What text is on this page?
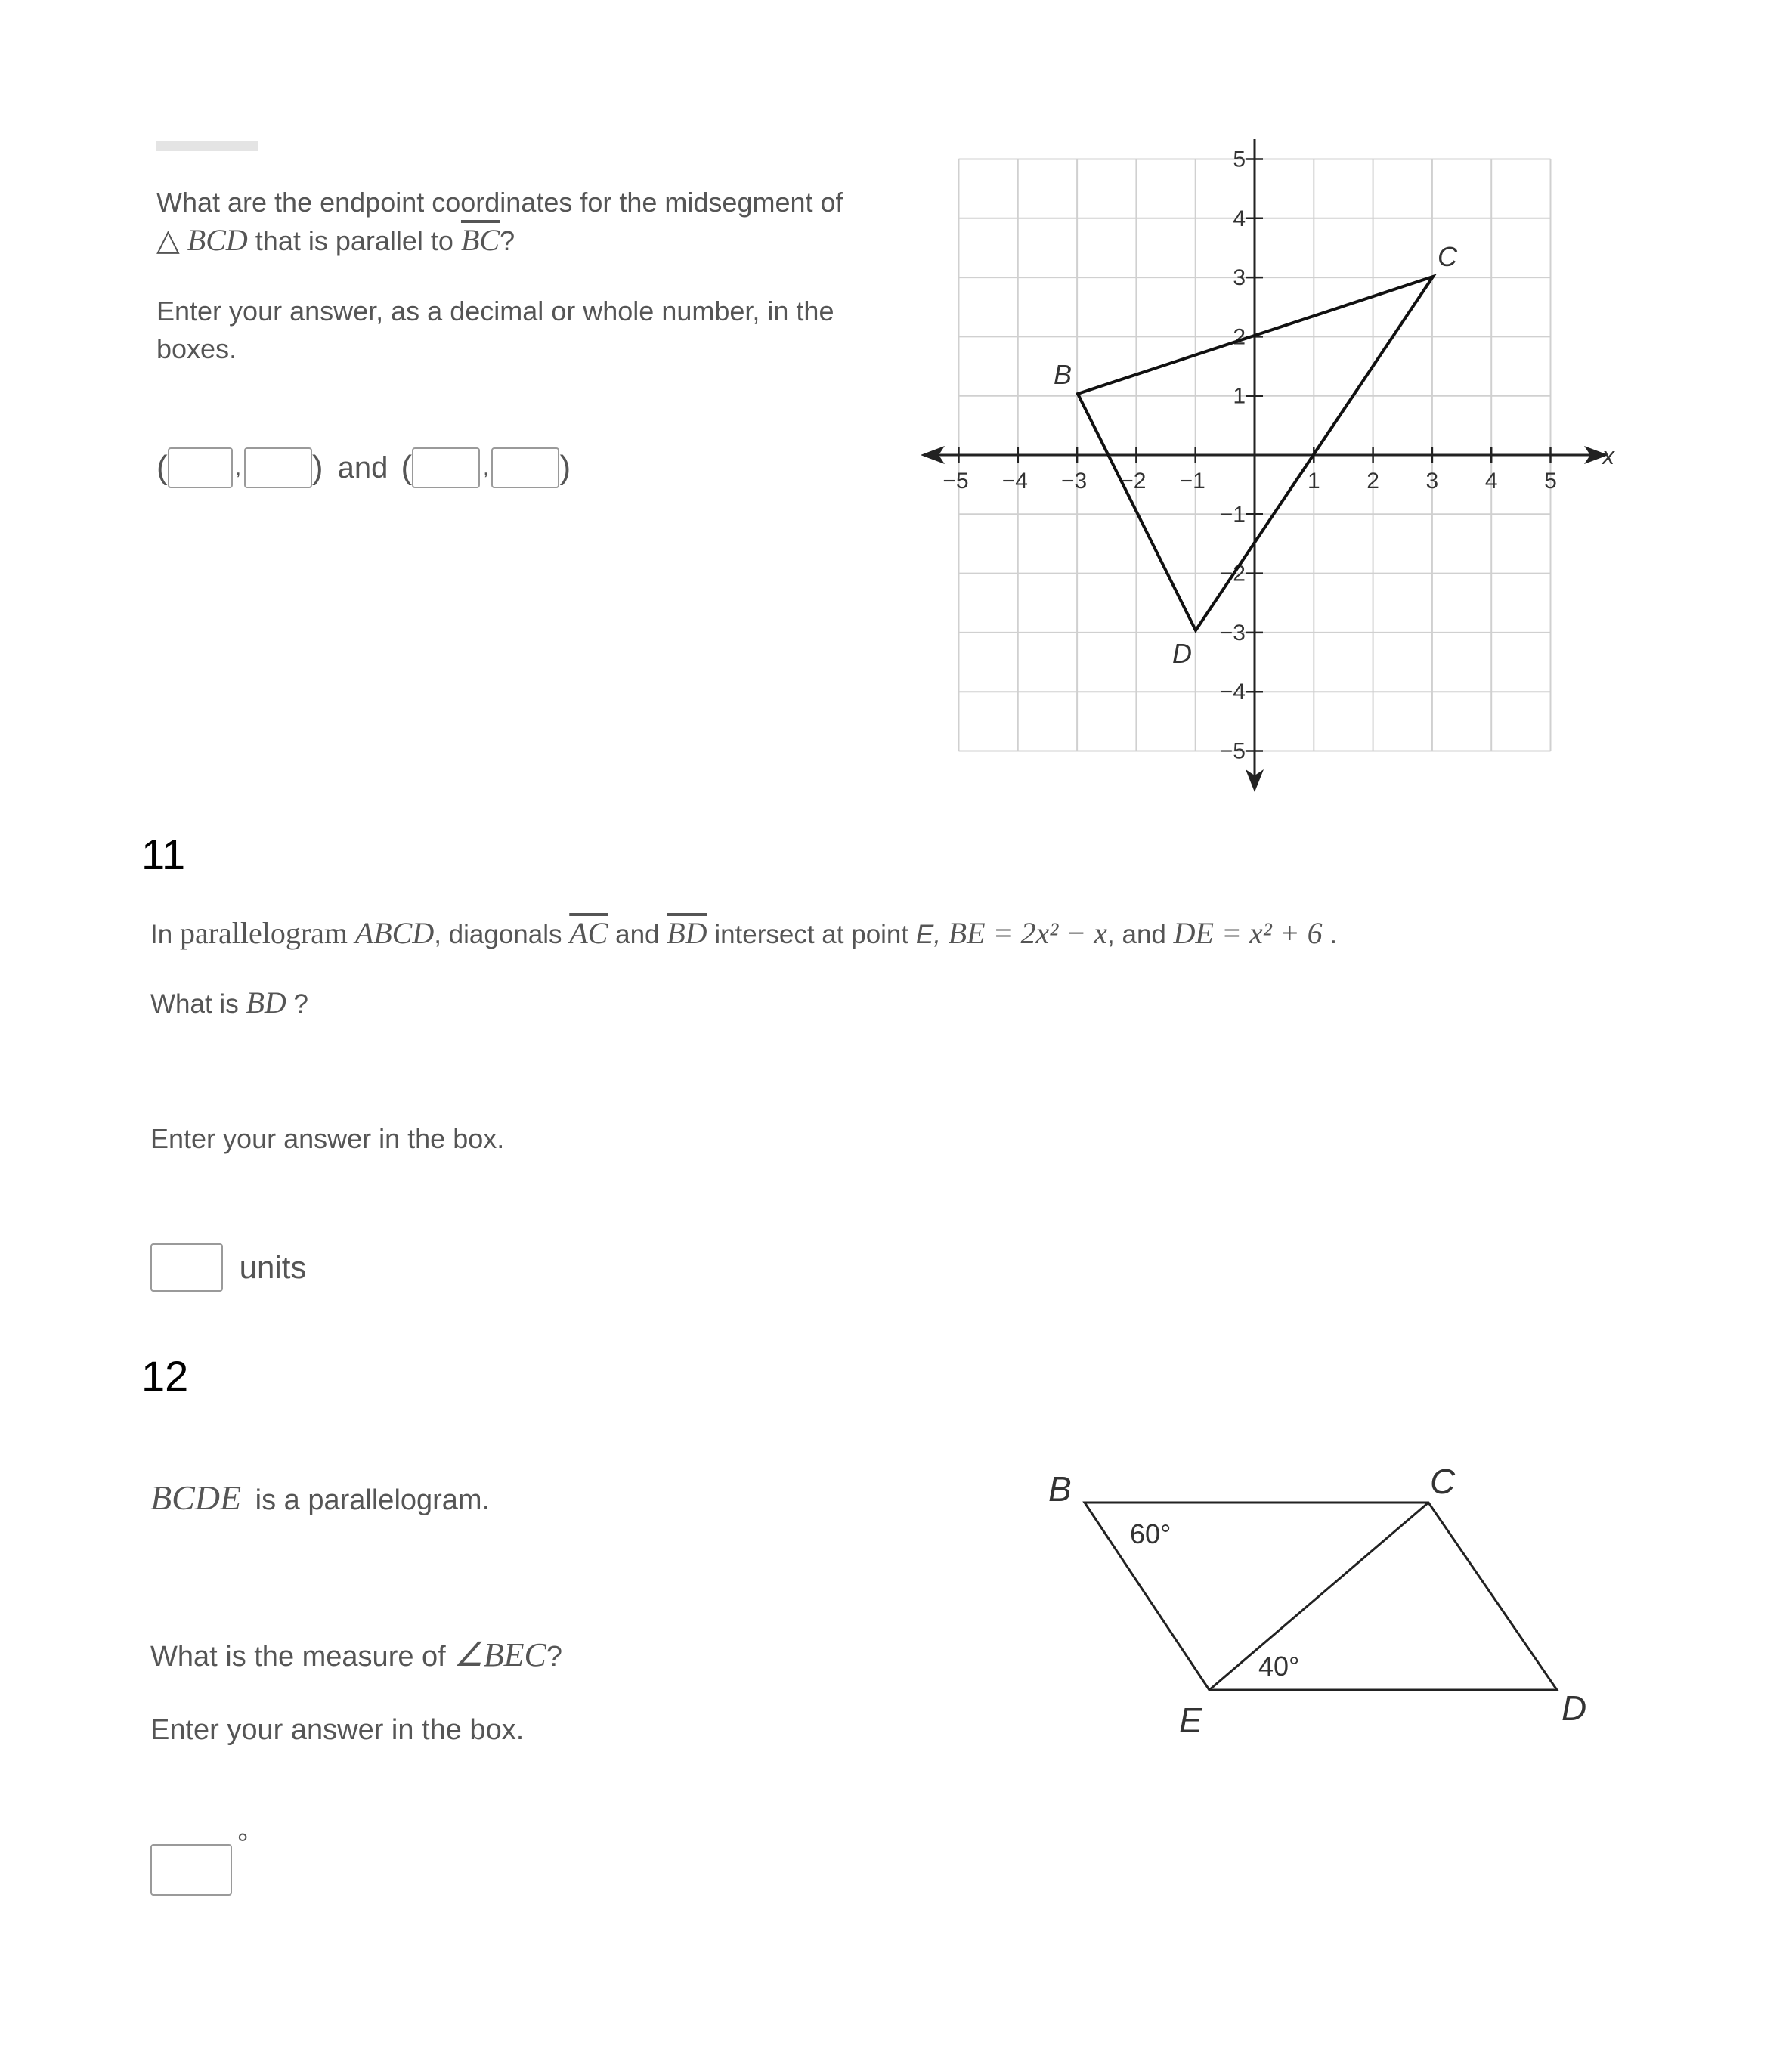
What are the endpoint coordinates for the midsegment of
△ BCD that is parallel to $\overline{BC}$?
Enter your answer, as a decimal or whole number, in the
boxes.
(	, ) and (	, )	−5 −4 −3 −2 −1	1 2 3 4 5
5
4
3
2
1
−1
−2
−3
−4
−5
x
B
C
D
11
In parallelogram ABCD, diagonals $\overline{AC}$ and $\overline{BD}$ intersect at point E, BE = 2x² − x, and DE = x² + 6 .
What is BD ?
Enter your answer in the box.
units
12
BCDE is a parallelogram.
What is the measure of ∠BEC?
Enter your answer in the box.
°
B	C
E	D
60°
40°
